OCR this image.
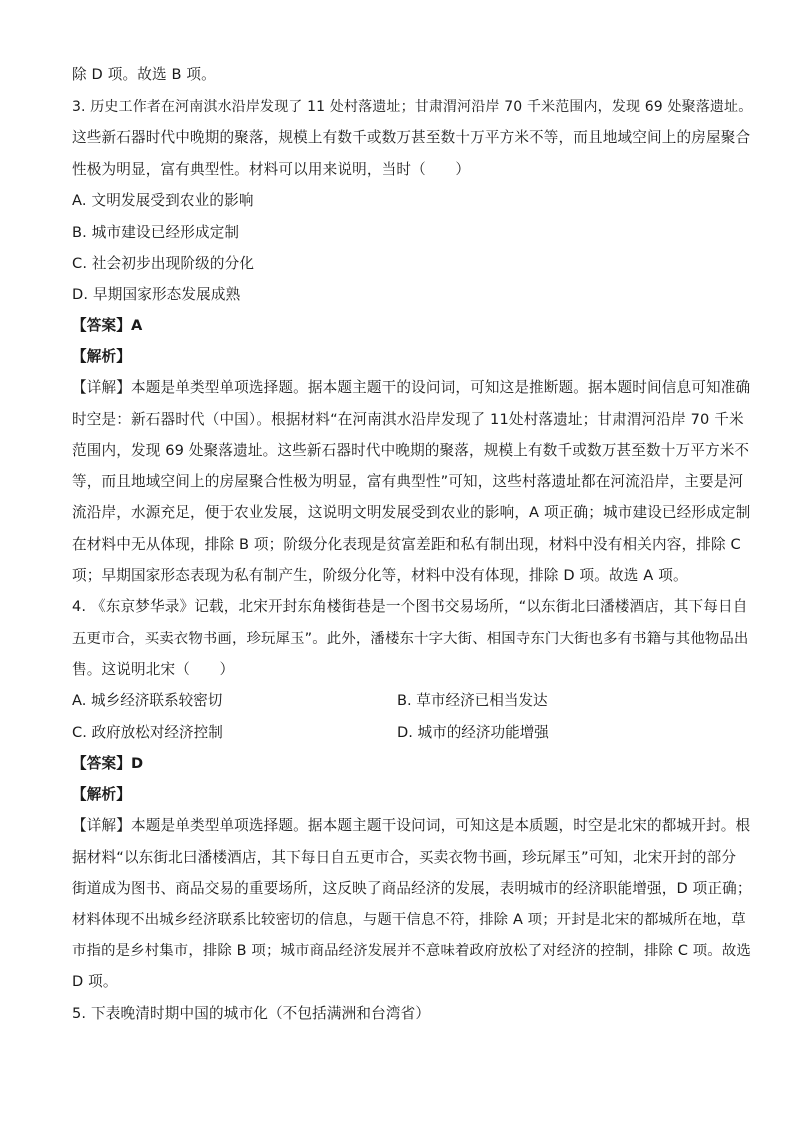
除 D 项。故选 B 项。
3. 历史工作者在河南淇水沿岸发现了 11 处村落遗址；甘肃渭河沿岸 70 千米范围内，发现 69 处聚落遗址。
这些新石器时代中晚期的聚落，规模上有数千或数万甚至数十万平方米不等，而且地域空间上的房屋聚合
性极为明显，富有典型性。材料可以用来说明，当时（　　）
A. 文明发展受到农业的影响
B. 城市建设已经形成定制
C. 社会初步出现阶级的分化
D. 早期国家形态发展成熟
【答案】A
【解析】
【详解】本题是单类型单项选择题。据本题主题干的设问词，可知这是推断题。据本题时间信息可知准确
时空是：新石器时代（中国）。根据材料“在河南淇水沿岸发现了 11处村落遗址；甘肃渭河沿岸 70 千米
范围内，发现 69 处聚落遗址。这些新石器时代中晚期的聚落，规模上有数千或数万甚至数十万平方米不
等，而且地域空间上的房屋聚合性极为明显，富有典型性”可知，这些村落遗址都在河流沿岸，主要是河
流沿岸，水源充足，便于农业发展，这说明文明发展受到农业的影响，A 项正确；城市建设已经形成定制
在材料中无从体现，排除 B 项；阶级分化表现是贫富差距和私有制出现，材料中没有相关内容，排除 C
项；早期国家形态表现为私有制产生，阶级分化等，材料中没有体现，排除 D 项。故选 A 项。
4. 《东京梦华录》记载，北宋开封东角楼街巷是一个图书交易场所，“以东街北曰潘楼酒店，其下每日自
五更市合，买卖衣物书画，珍玩犀玉”。此外，潘楼东十字大街、相国寺东门大街也多有书籍与其他物品出
售。这说明北宋（　　）
A. 城乡经济联系较密切	B. 草市经济已相当发达
C. 政府放松对经济控制	D. 城市的经济功能增强
【答案】D
【解析】
【详解】本题是单类型单项选择题。据本题主题干设问词，可知这是本质题，时空是北宋的都城开封。根
据材料“以东街北曰潘楼酒店，其下每日自五更市合，买卖衣物书画，珍玩犀玉”可知，北宋开封的部分
街道成为图书、商品交易的重要场所，这反映了商品经济的发展，表明城市的经济职能增强，D 项正确；
材料体现不出城乡经济联系比较密切的信息，与题干信息不符，排除 A 项；开封是北宋的都城所在地，草
市指的是乡村集市，排除 B 项；城市商品经济发展并不意味着政府放松了对经济的控制，排除 C 项。故选
D 项。
5. 下表晚清时期中国的城市化（不包括满洲和台湾省）
